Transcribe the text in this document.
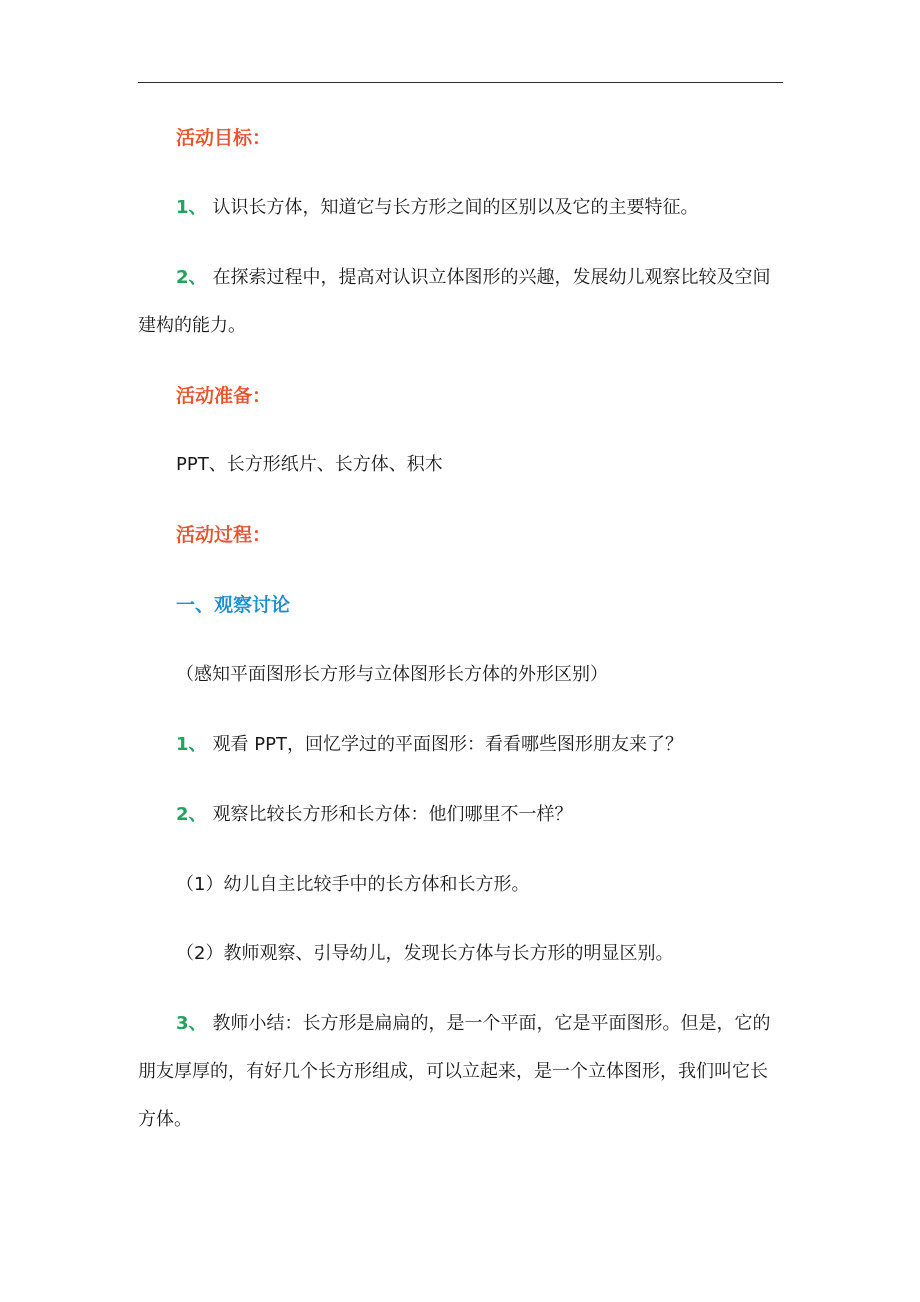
活动目标：
1、 认识长方体，知道它与长方形之间的区别以及它的主要特征。
2、 在探索过程中，提高对认识立体图形的兴趣，发展幼儿观察比较及空间
建构的能力。
活动准备：
PPT、长方形纸片、长方体、积木
活动过程：
一、观察讨论
（感知平面图形长方形与立体图形长方体的外形区别）
1、 观看 PPT，回忆学过的平面图形：看看哪些图形朋友来了？
2、 观察比较长方形和长方体：他们哪里不一样？
（1）幼儿自主比较手中的长方体和长方形。
（2）教师观察、引导幼儿，发现长方体与长方形的明显区别。
3、 教师小结：长方形是扁扁的，是一个平面，它是平面图形。但是，它的
朋友厚厚的，有好几个长方形组成，可以立起来，是一个立体图形，我们叫它长
方体。
